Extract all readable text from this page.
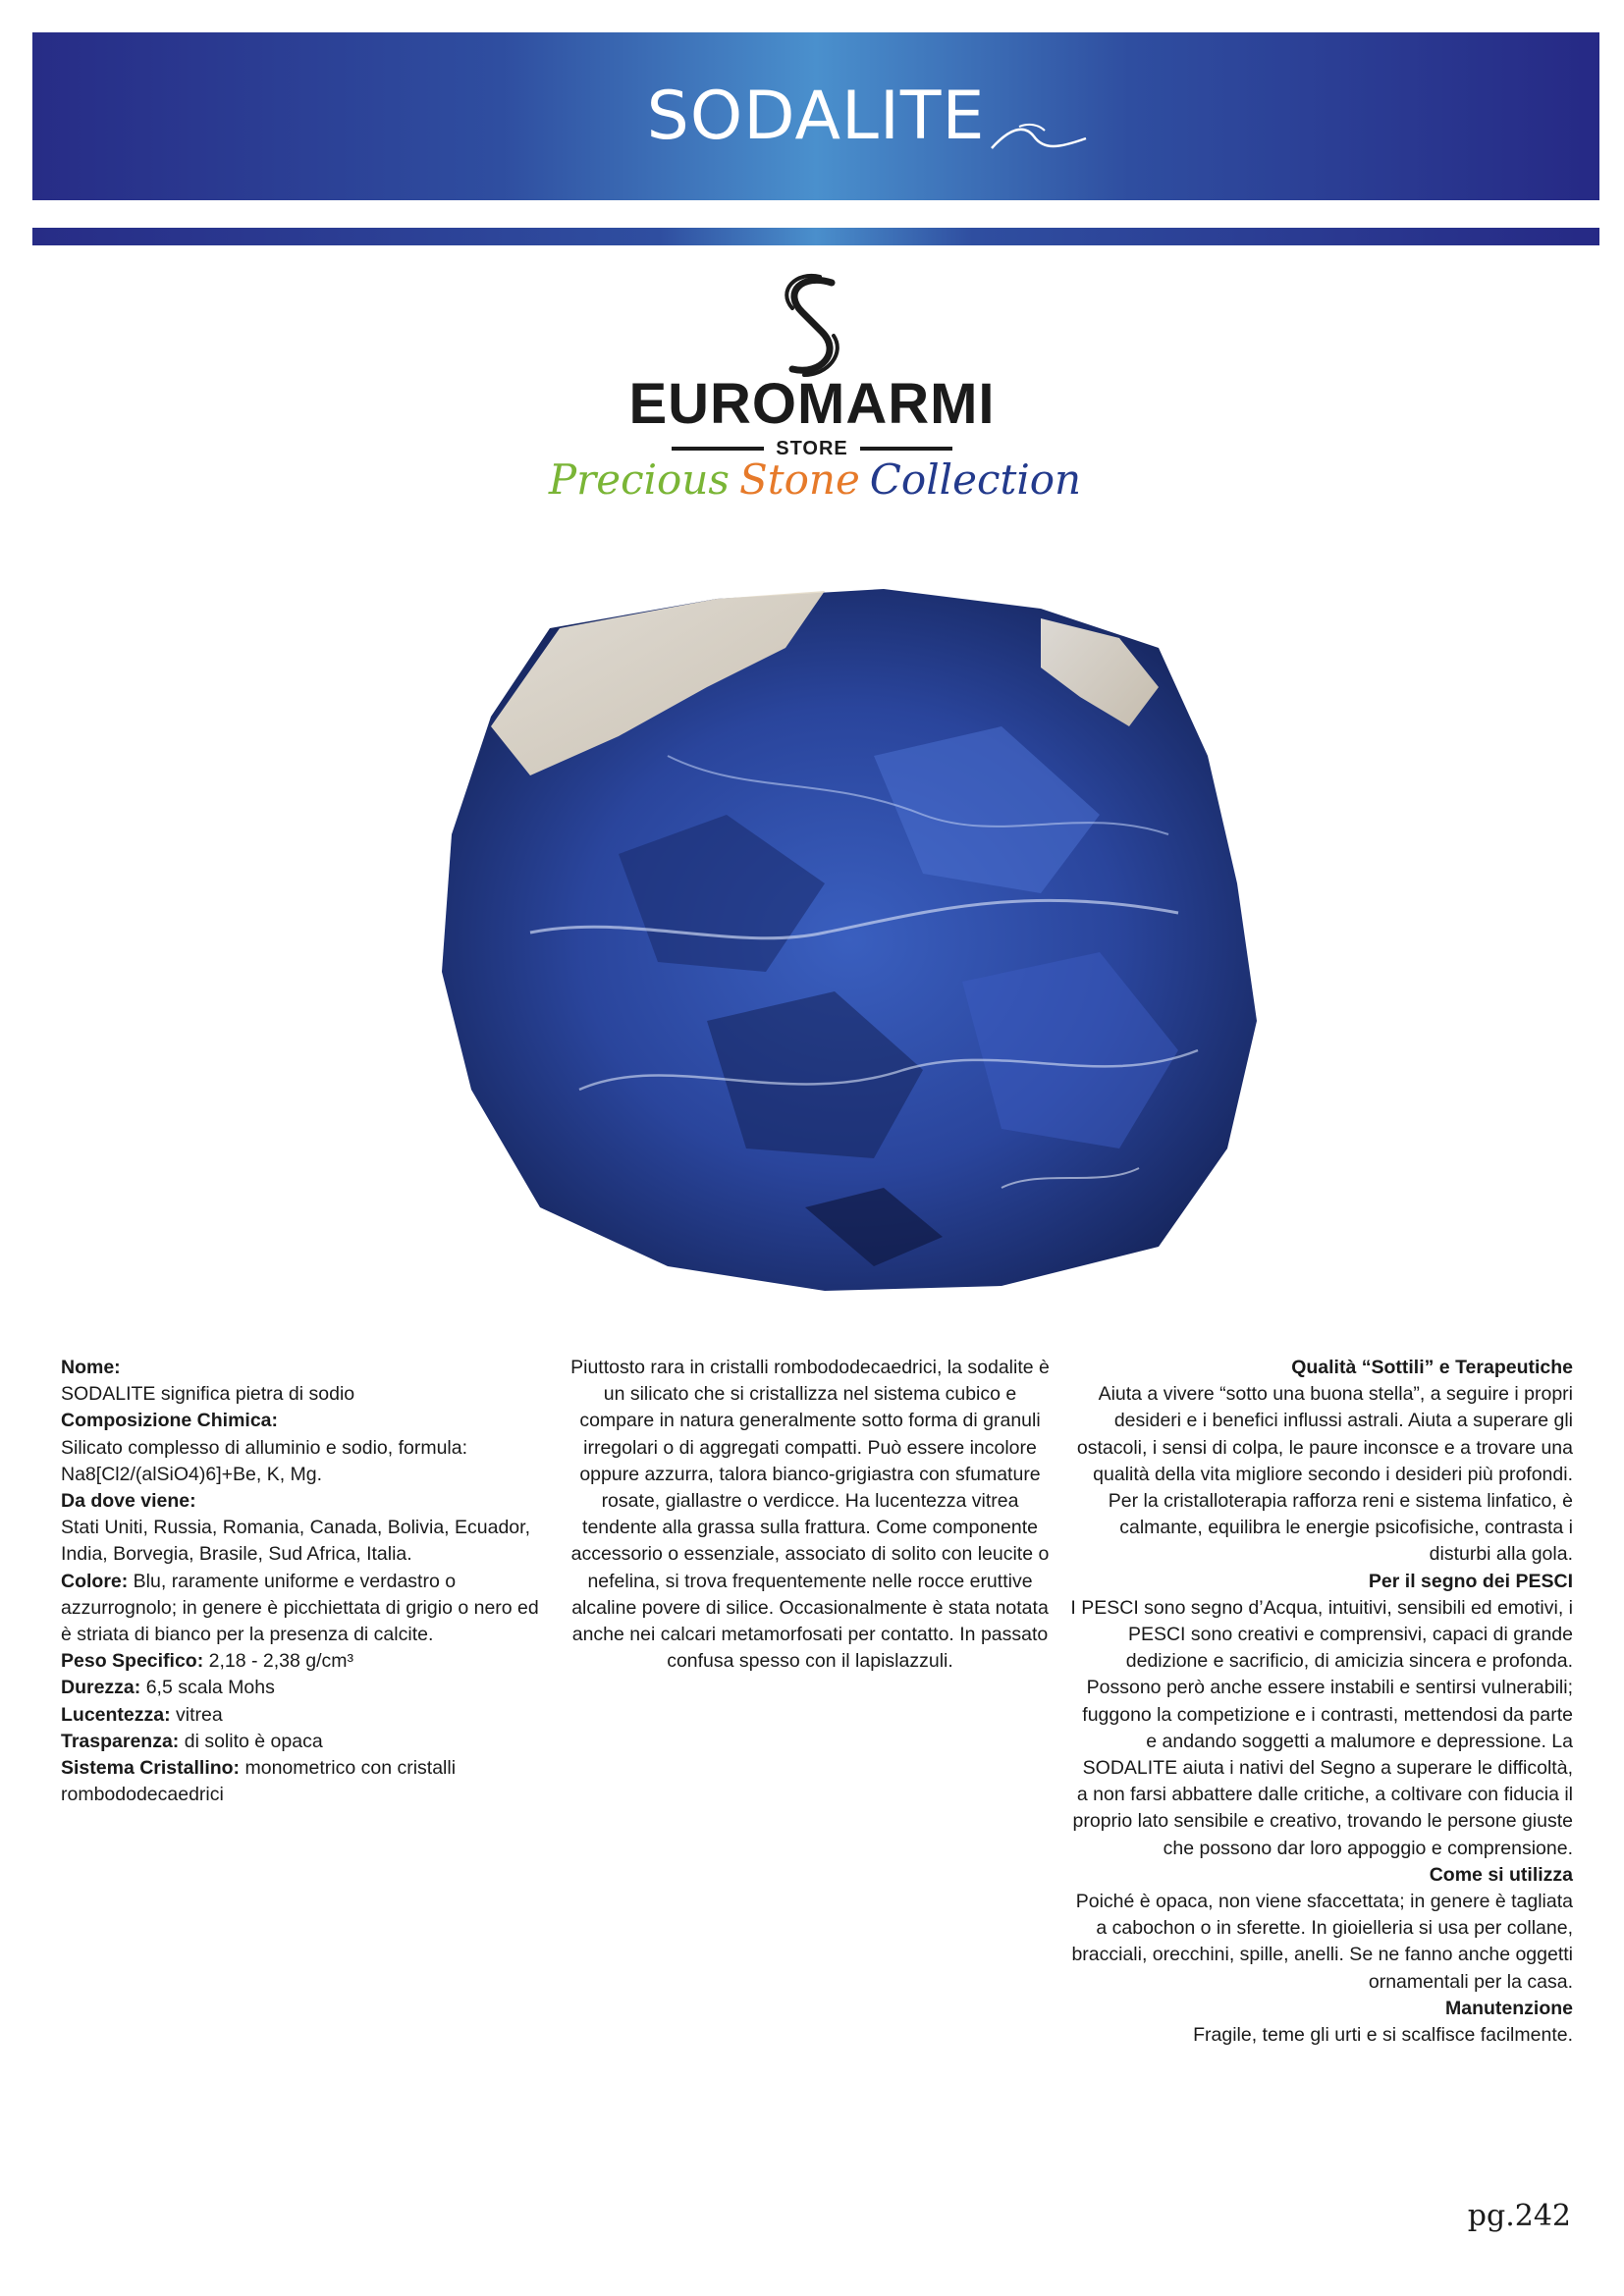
SODALITE
EUROMARMI
STORE
Precious Stone Collection

Nome:

SODALITE significa pietra di sodio

Composizione Chimica:

Silicato complesso di alluminio e sodio, formula: Na8[Cl2/(alSiO4)6]+Be, K, Mg.

Da dove viene:

Stati Uniti, Russia, Romania, Canada, Bolivia, Ecuador, India, Borvegia, Brasile, Sud Africa, Italia.

Colore: Blu, raramente uniforme e verdastro o azzurrognolo; in genere è picchiettata di grigio o nero ed è striata di bianco per la presenza di calcite.

Peso Specifico: 2,18 - 2,38 g/cm³

Durezza: 6,5 scala Mohs

Lucentezza: vitrea

Trasparenza: di solito è opaca

Sistema Cristallino: monometrico con cristalli rombododecaedrici

Piuttosto rara in cristalli rombododecaedrici, la sodalite è un silicato che si cristallizza nel sistema cubico e compare in natura generalmente sotto forma di granuli irregolari o di aggregati compatti. Può essere incolore oppure azzurra, talora bianco-grigiastra con sfumature rosate, giallastre o verdicce. Ha lucentezza vitrea tendente alla grassa sulla frattura. Come componente accessorio o essenziale, associato di solito con leucite o nefelina, si trova frequentemente nelle rocce eruttive alcaline povere di silice. Occasionalmente è stata notata anche nei calcari metamorfosati per contatto. In passato confusa spesso con il lapislazzuli.

Qualità “Sottili” e Terapeutiche

Aiuta a vivere “sotto una buona stella”, a seguire i propri desideri e i benefici influssi astrali. Aiuta a superare gli ostacoli, i sensi di colpa, le paure inconsce e a trovare una qualità della vita migliore secondo i desideri più profondi. Per la cristalloterapia rafforza reni e sistema linfatico, è calmante, equilibra le energie psicofisiche, contrasta i disturbi alla gola.

Per il segno dei PESCI

I PESCI sono segno d’Acqua, intuitivi, sensibili ed emotivi, i PESCI sono creativi e comprensivi, capaci di grande dedizione e sacrificio, di amicizia sincera e profonda. Possono però anche essere instabili e sentirsi vulnerabili; fuggono la competizione e i contrasti, mettendosi da parte e andando soggetti a malumore e depressione. La SODALITE aiuta i nativi del Segno a superare le difficoltà, a non farsi abbattere dalle critiche, a coltivare con fiducia il proprio lato sensibile e creativo, trovando le persone giuste che possono dar loro appoggio e comprensione.

Come si utilizza

Poiché è opaca, non viene sfaccettata; in genere è tagliata a cabochon o in sferette. In gioielleria si usa per collane, bracciali, orecchini, spille, anelli. Se ne fanno anche oggetti ornamentali per la casa.

Manutenzione

Fragile, teme gli urti e si scalfisce facilmente.

pg.242
